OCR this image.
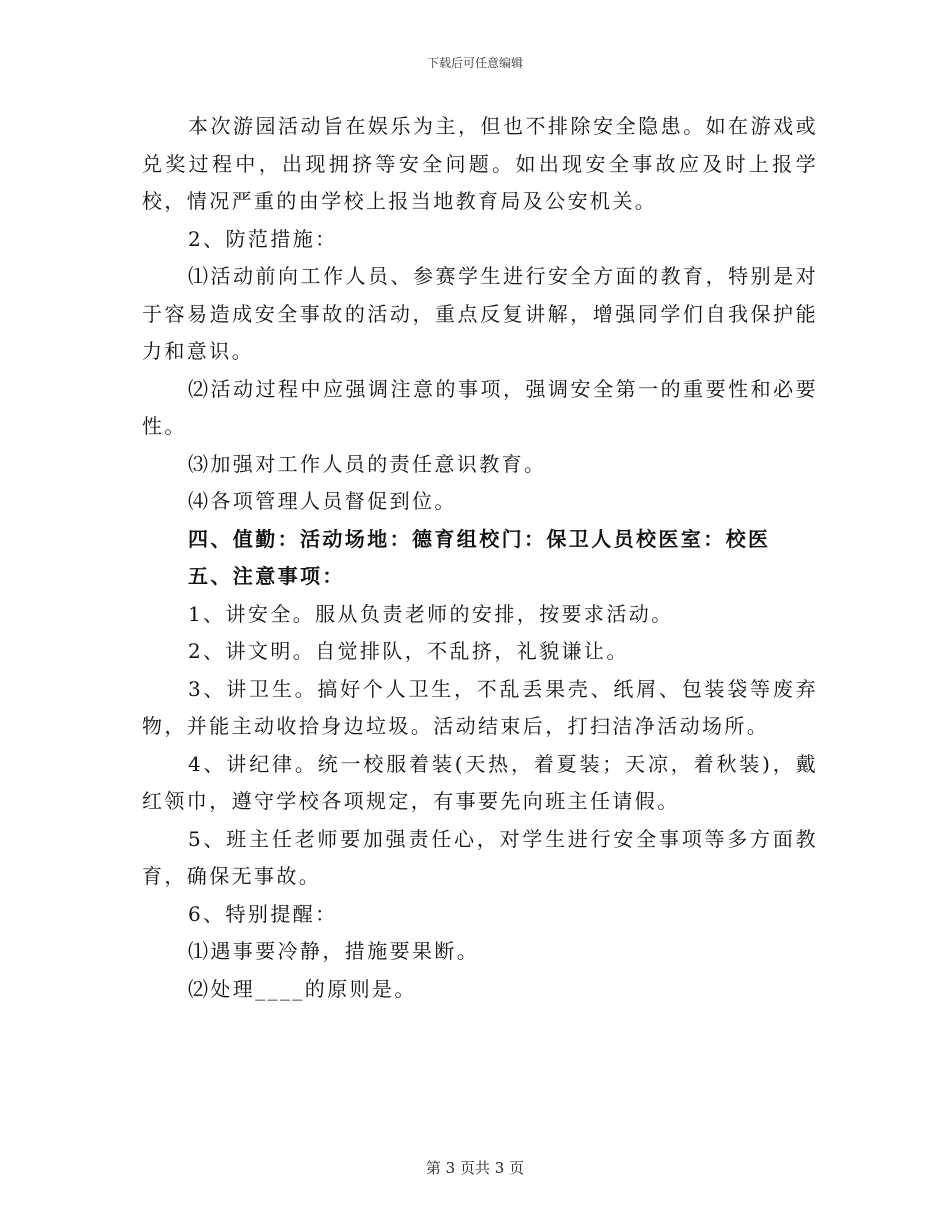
下载后可任意编辑

本次游园活动旨在娱乐为主，但也不排除安全隐患。如在游戏或兑奖过程中，出现拥挤等安全问题。如出现安全事故应及时上报学校，情况严重的由学校上报当地教育局及公安机关。

2、防范措施：

⑴活动前向工作人员、参赛学生进行安全方面的教育，特别是对于容易造成安全事故的活动，重点反复讲解，增强同学们自我保护能力和意识。

⑵活动过程中应强调注意的事项，强调安全第一的重要性和必要性。

⑶加强对工作人员的责任意识教育。

⑷各项管理人员督促到位。

四、值勤：活动场地：德育组校门：保卫人员校医室：校医

五、注意事项：

1、讲安全。服从负责老师的安排，按要求活动。

2、讲文明。自觉排队，不乱挤，礼貌谦让。

3、讲卫生。搞好个人卫生，不乱丢果壳、纸屑、包装袋等废弃物，并能主动收拾身边垃圾。活动结束后，打扫洁净活动场所。

4、讲纪律。统一校服着装(天热，着夏装；天凉，着秋装)，戴红领巾，遵守学校各项规定，有事要先向班主任请假。

5、班主任老师要加强责任心，对学生进行安全事项等多方面教育，确保无事故。

6、特别提醒：

⑴遇事要冷静，措施要果断。

⑵处理____的原则是。

第 3 页共 3 页
